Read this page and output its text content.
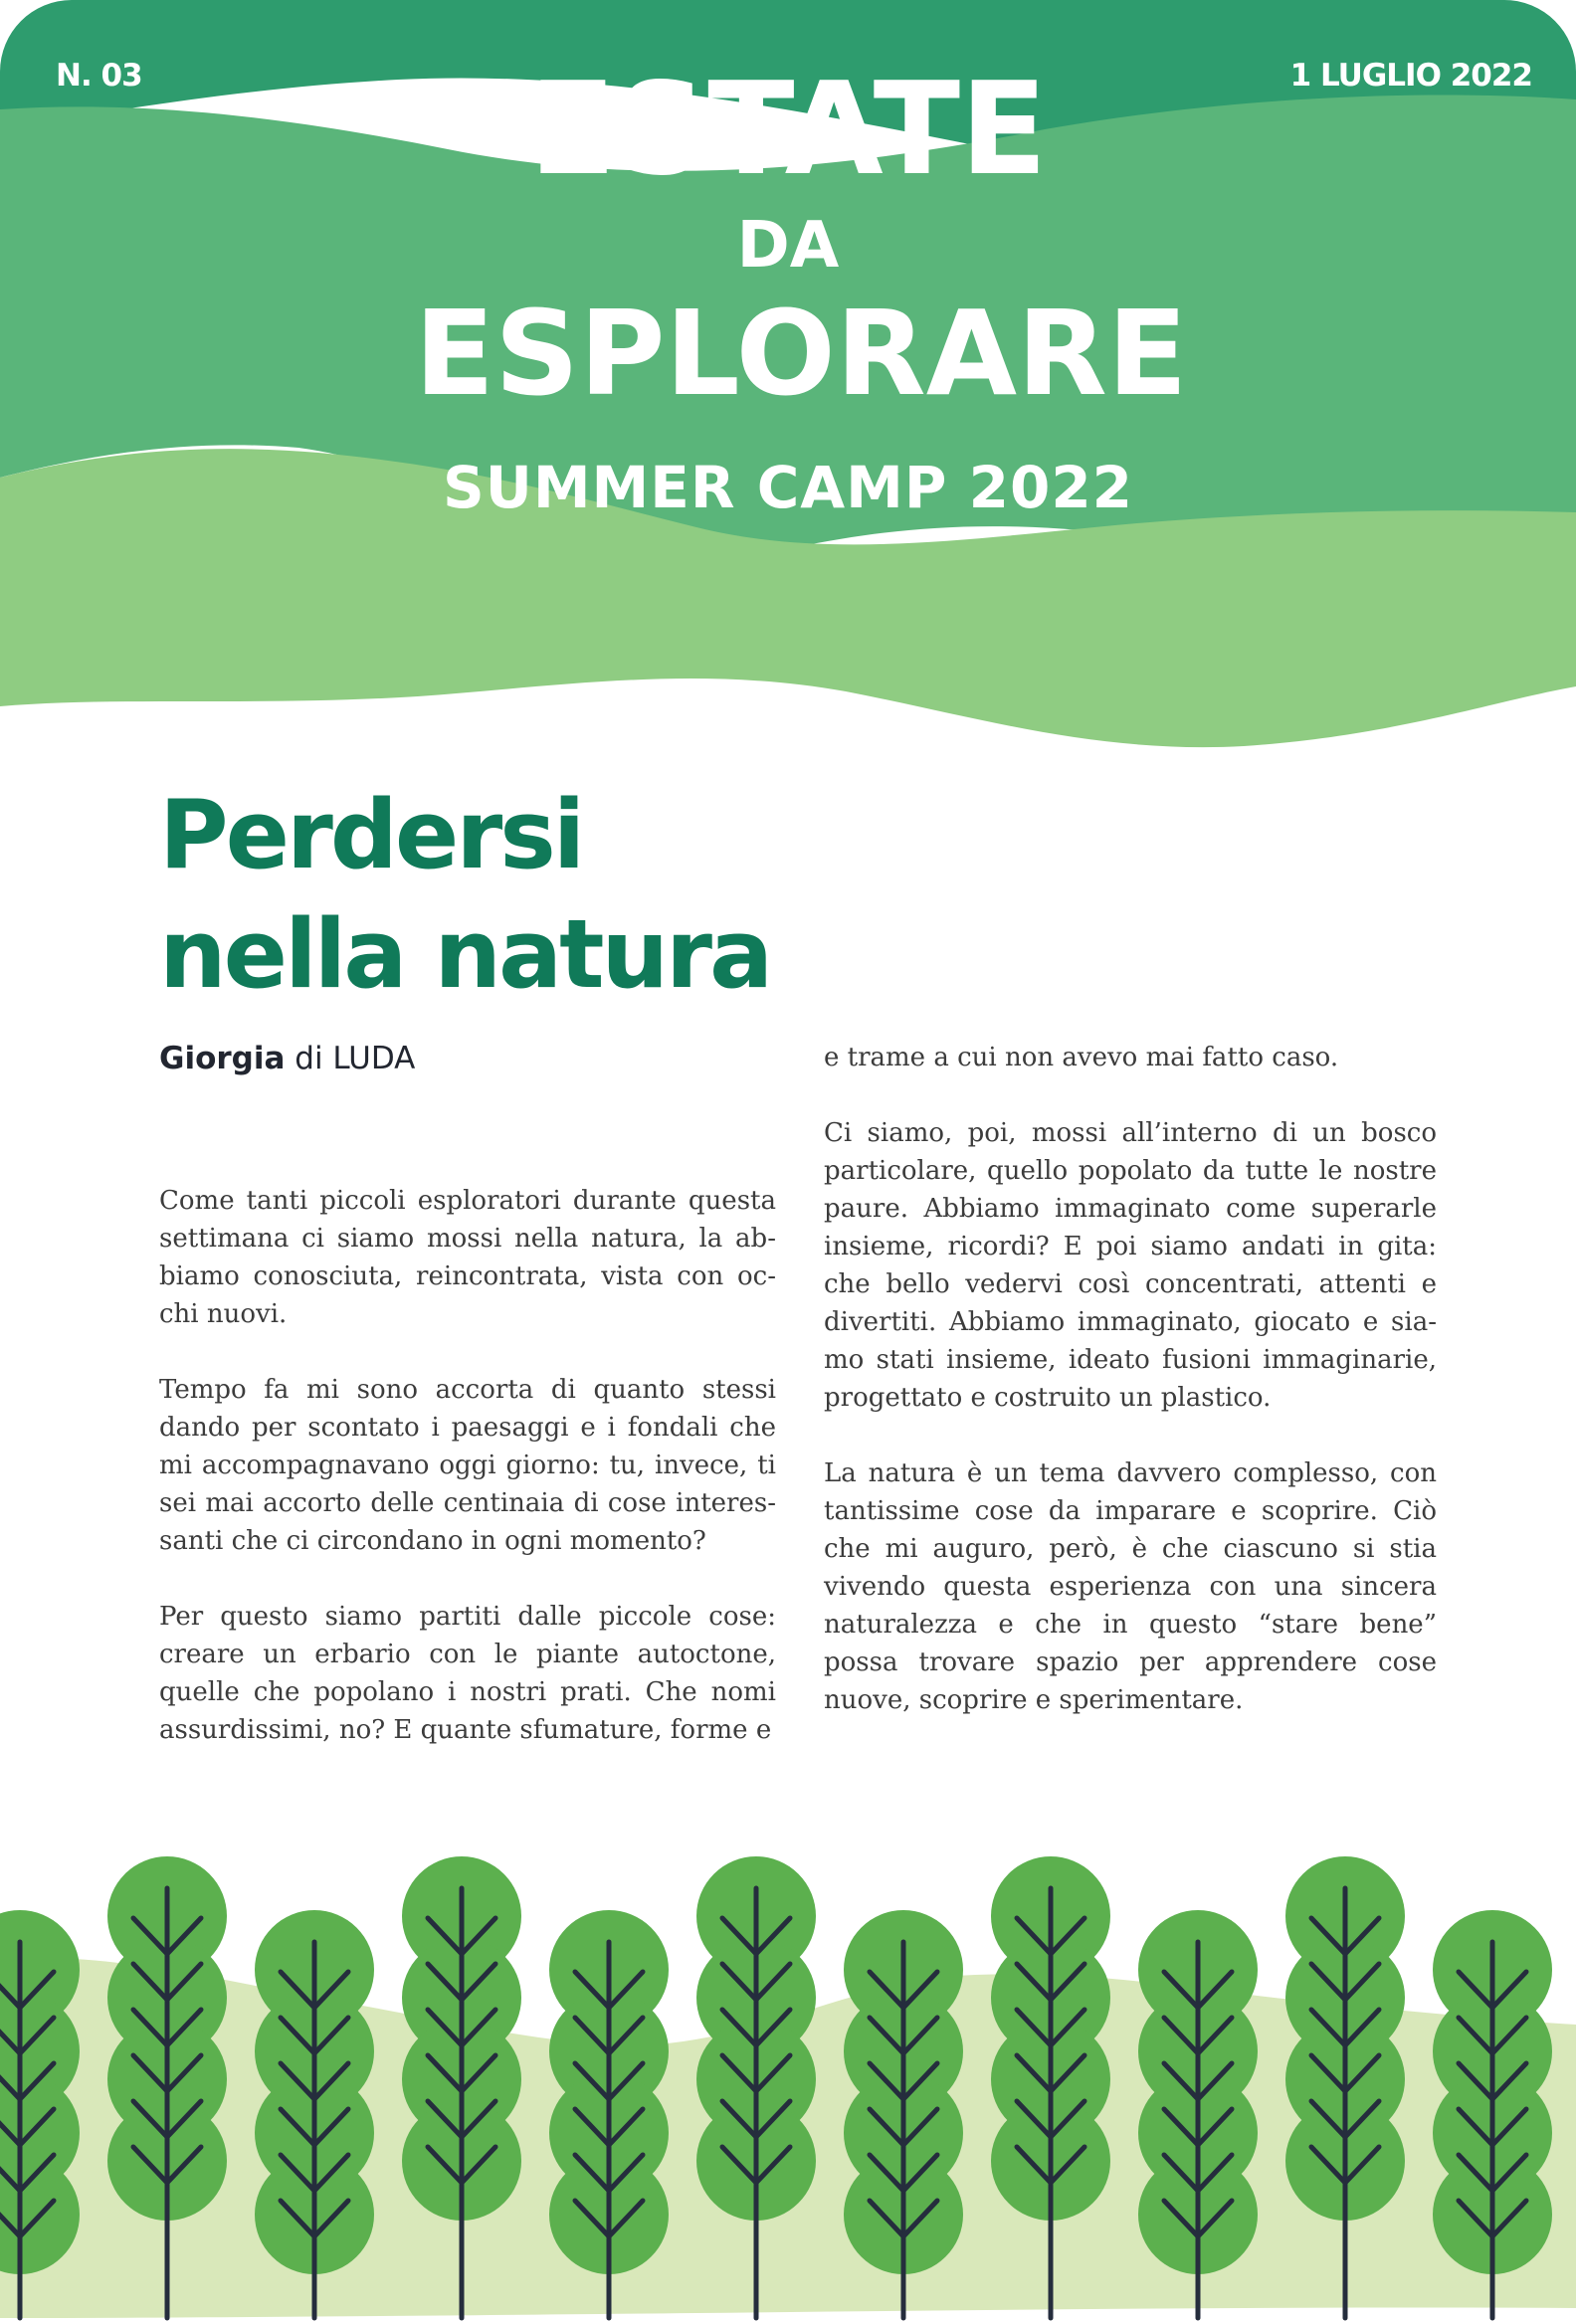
N. 03	1 LUGLIO 2022
ESTATE
DA
ESPLORARE
SUMMER CAMP 2022
Perdersi
nella natura
Giorgia di LUDA

Come tanti piccoli esploratori durante questa settimana ci siamo mossi nella natura, la abbiamo conosciuta, reincontrata, vista con occhi nuovi.

Tempo fa mi sono accorta di quanto stessi dando per scontato i paesaggi e i fondali che mi accompagnavano oggi giorno: tu, invece, ti sei mai accorto delle centinaia di cose interessanti che ci circondano in ogni momento?

Per questo siamo partiti dalle piccole cose: creare un erbario con le piante autoctone, quelle che popolano i nostri prati. Che nomi assurdissimi, no? E quante sfumature, forme e

e trame a cui non avevo mai fatto caso.

Ci siamo, poi, mossi all’interno di un bosco particolare, quello popolato da tutte le nostre paure. Abbiamo immaginato come superarle insieme, ricordi? E poi siamo andati in gita: che bello vedervi così concentrati, attenti e divertiti. Abbiamo immaginato, giocato e siamo stati insieme, ideato fusioni immaginarie, progettato e costruito un plastico.

La natura è un tema davvero complesso, con tantissime cose da imparare e scoprire. Ciò che mi auguro, però, è che ciascuno si stia vivendo questa esperienza con una sincera naturalezza e che in questo “stare bene” possa trovare spazio per apprendere cose nuove, scoprire e sperimentare.
